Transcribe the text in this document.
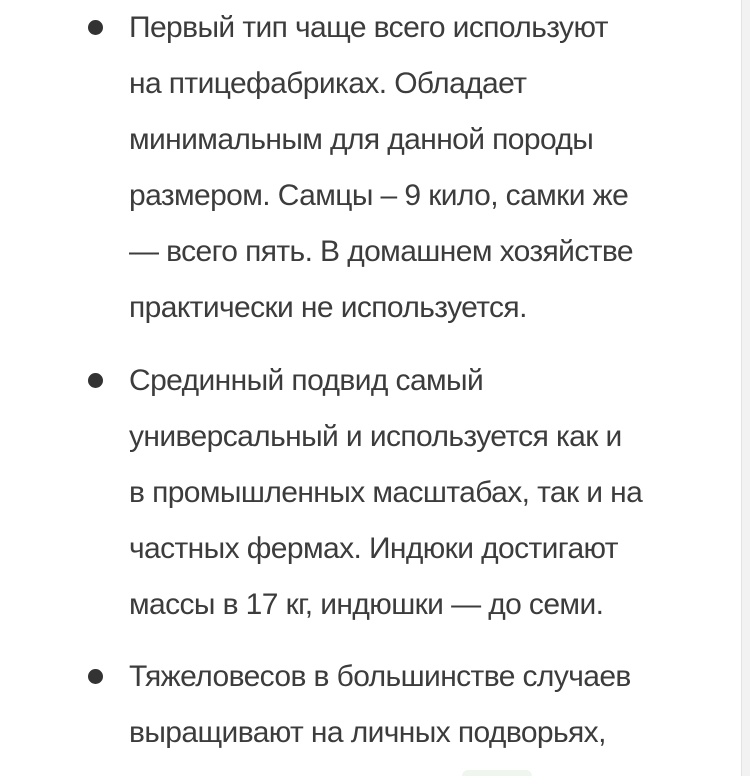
Первый тип чаще всего используют
на птицефабриках. Обладает
минимальным для данной породы
размером. Самцы – 9 кило, самки же
— всего пять. В домашнем хозяйстве
практически не используется.
Срединный подвид самый
универсальный и используется как и
в промышленных масштабах, так и на
частных фермах. Индюки достигают
массы в 17 кг, индюшки — до семи.
Тяжеловесов в большинстве случаев
выращивают на личных подворьях,
